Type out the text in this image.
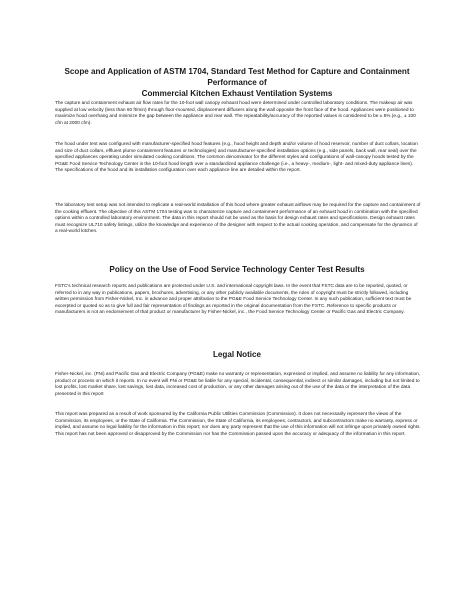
Scope and Application of ASTM 1704, Standard Test Method for Capture and Containment Performance of
Commercial Kitchen Exhaust Ventilation Systems

The capture and containment exhaust air flow rates for the 10-foot wall canopy exhaust hood were determined under controlled laboratory conditions. The makeup air was supplied at low velocity (less than 60 ft/min) through floor-mounted, displacement diffusers along the wall opposite the front face of the hood. Appliances were positioned to maximize hood overhang and minimize the gap between the appliance and rear wall. The repeatability/accuracy of the reported values is considered to be ± 5% (e.g., ± 100 cfm at 2000 cfm).

The hood under test was configured with manufacturer-specified hood features (e.g., hood height and depth and/or volume of hood reservoir, number of duct collars, location and size of duct collars, effluent plume containment features or technologies) and manufacturer-specified installation options (e.g., side panels, back wall, rear seal) over the specified appliances operating under simulated cooking conditions. The common denominator for the different styles and configurations of wall-canopy hoods tested by the PG&E Food Service Technology Center is the 10-foot hood length over a standardized appliance challenge (i.e., a heavy-, medium-, light- and mixed-duty appliance lines). The specifications of the hood and its installation configuration over each appliance line are detailed within the report.

The laboratory test setup was not intended to replicate a real-world installation of this hood where greater exhaust airflows may be required for the capture and containment of the cooking effluent. The objective of this ASTM 1704 testing was to characterize capture and containment performance of an exhaust hood in combination with the specified options within a controlled laboratory environment. The data in this report should not be used as the basis for design exhaust rates and specifications. Design exhaust rates must recognize UL710 safety listings, utilize the knowledge and experience of the designer with respect to the actual cooking operation, and compensate for the dynamics of a real-world kitchen.

Policy on the Use of Food Service Technology Center Test Results

FSTC's technical research reports and publications are protected under U.S. and international copyright laws. In the event that FSTC data are to be reported, quoted, or referred to in any way in publications, papers, brochures, advertising, or any other publicly available documents, the rules of copyright must be strictly followed, including written permission from Fisher-Nickel, Inc. in advance and proper attribution to the PG&E Food Service Technology Center. In any such publication, sufficient text must be excerpted or quoted so as to give full and fair representation of findings as reported in the original documentation from the FSTC. Reference to specific products or manufacturers is not an endorsement of that product or manufacturer by Fisher-Nickel, inc., the Food Service Technology Center or Pacific Gas and Electric Company.

Legal Notice

Fisher-Nickel, inc. (FNi) and Pacific Gas and Electric Company (PG&E) make no warranty or representation, expressed or implied, and assume no liability for any information, product or process on which it reports. In no event will FNi or PG&E be liable for any special, incidental, consequential, indirect or similar damages, including but not limited to lost profits, lost market share, lost savings, lost data, increased cost of production, or any other damages arising out of the use of the data or the interpretation of the data presented in this report

This report was prepared as a result of work sponsored by the California Public Utilities Commission (Commission). It does not necessarily represent the views of the Commission, its employees, or the State of California. The Commission, the State of California, its employees, contractors, and subcontractors make no warranty, express or implied, and assume no legal liability for the information in this report; nor does any party represent that the use of this information will not infringe upon privately owned rights. This report has not been approved or disapproved by the Commission nor has the Commission passed upon the accuracy or adequacy of the information in this report.
